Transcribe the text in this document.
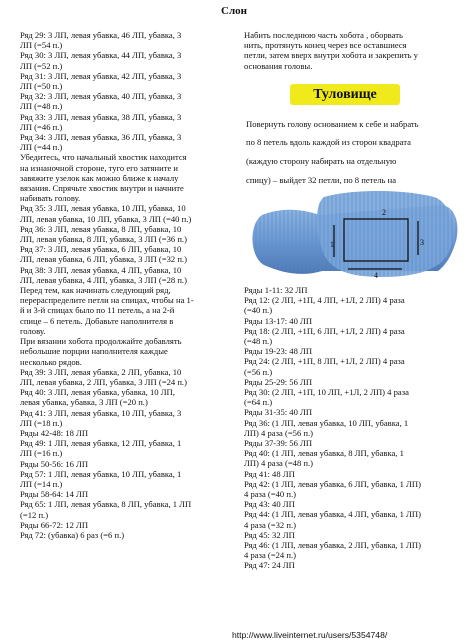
Слон

Ряд 29: 3 ЛП, левая убавка, 46 ЛП, убавка, 3

ЛП (=54 п.)

Ряд 30: 3 ЛП, левая убавка, 44 ЛП, убавка, 3

ЛП (=52 п.)

Ряд 31: 3 ЛП, левая убавка, 42 ЛП, убавка, 3

ЛП (=50 п.)

Ряд 32: 3 ЛП, левая убавка, 40 ЛП, убавка, 3

ЛП (=48 п.)

Ряд 33: 3 ЛП, левая убавка, 38 ЛП, убавка, 3

ЛП (=46 п.)

Ряд 34: 3 ЛП, левая убавка, 36 ЛП, убавка, 3

ЛП (=44 п.)

Убедитесь, что начальный хвостик находится

на изнаночной стороне, туго его затяните и

завяжите узелок как можно ближе к началу

вязания. Спрячьте хвостик внутри и начните

набивать голову.

Ряд 35: 3 ЛП, левая убавка, 10 ЛП, убавка, 10

ЛП, левая убавка, 10 ЛП, убавка, 3 ЛП (=40 п.)

Ряд 36: 3 ЛП, левая убавка, 8 ЛП, убавка, 10

ЛП, левая убавка, 8 ЛП, убавка, 3 ЛП (=36 п.)

Ряд 37: 3 ЛП, левая убавка, 6 ЛП, убавка, 10

ЛП, левая убавка, 6 ЛП, убавка, 3 ЛП (=32 п.)

Ряд 38: 3 ЛП, левая убавка, 4 ЛП, убавка, 10

ЛП, левая убавка, 4 ЛП, убавка, 3 ЛП (=28 п.)

Перед тем, как начинать следующий ряд,

перераспределите петли на спицах, чтобы на 1-

й и 3-й спицах было по 11 петель, а на 2-й

спице – 6 петель. Добавьте наполнителя в

голову.

При вязании хобота продолжайте добавлять

небольшие порции наполнителя каждые

несколько рядов.

Ряд 39: 3 ЛП, левая убавка, 2 ЛП, убавка, 10

ЛП, левая убавка, 2 ЛП, убавка, 3 ЛП (=24 п.)

Ряд 40: 3 ЛП, левая убавка, убавка, 10 ЛП,

левая убавка, убавка, 3 ЛП (=20 п.)

Ряд 41: 3 ЛП, левая убавка, 10 ЛП, убавка, 3

ЛП (=18 п.)

Ряды 42-48: 18 ЛП

Ряд 49: 1 ЛП, левая убавка, 12 ЛП, убавка, 1

ЛП (=16 п.)

Ряды 50-56: 16 ЛП

Ряд 57: 1 ЛП, левая убавка, 10 ЛП, убавка, 1

ЛП (=14 п.)

Ряды 58-64: 14 ЛП

Ряд 65: 1 ЛП, левая убавка, 8 ЛП, убавка, 1 ЛП

(=12 п.)

Ряды 66-72: 12 ЛП

Ряд 72: (убавка) 6 раз (=6 п.)

Набить последнюю часть хобота , оборвать

нить, протянуть конец через все оставшиеся

петли, затем вверх внутри хобота и закрепить у

основания головы.

Туловище

Повернуть голову основанием к себе и набрать

по 8 петель вдоль каждой из сторон квадрата

(каждую сторону набирать на отдельную

спицу) – выйдет 32 петли, по 8 петель на

1
2
3
4

Ряды 1-11: 32 ЛП

Ряд 12: (2 ЛП, +1П, 4 ЛП, +1Л, 2 ЛП) 4 раза

(=40 п.)

Ряды 13-17: 40 ЛП

Ряд 18: (2 ЛП, +1П, 6 ЛП, +1Л, 2 ЛП) 4 раза

(=48 п.)

Ряды 19-23: 48 ЛП

Ряд 24: (2 ЛП, +1П, 8 ЛП, +1Л, 2 ЛП) 4 раза

(=56 п.)

Ряды 25-29: 56 ЛП

Ряд 30: (2 ЛП, +1П, 10 ЛП, +1Л, 2 ЛП) 4 раза

(=64 п.)

Ряды 31-35: 40 ЛП

Ряд 36: (1 ЛП, левая убавка, 10 ЛП, убавка, 1

ЛП) 4 раза (=56 п.)

Ряды 37-39: 56 ЛП

Ряд 40: (1 ЛП, левая убавка, 8 ЛП, убавка, 1

ЛП) 4 раза (=48 п.)

Ряд 41: 48 ЛП

Ряд 42: (1 ЛП, левая убавка, 6 ЛП, убавка, 1 ЛП)

4 раза (=40 п.)

Ряд 43: 40 ЛП

Ряд 44: (1 ЛП, левая убавка, 4 ЛП, убавка, 1 ЛП)

4 раза (=32 п.)

Ряд 45: 32 ЛП

Ряд 46: (1 ЛП, левая убавка, 2 ЛП, убавка, 1 ЛП)

4 раза (=24 п.)

Ряд 47: 24 ЛП

http://www.liveinternet.ru/users/5354748/
